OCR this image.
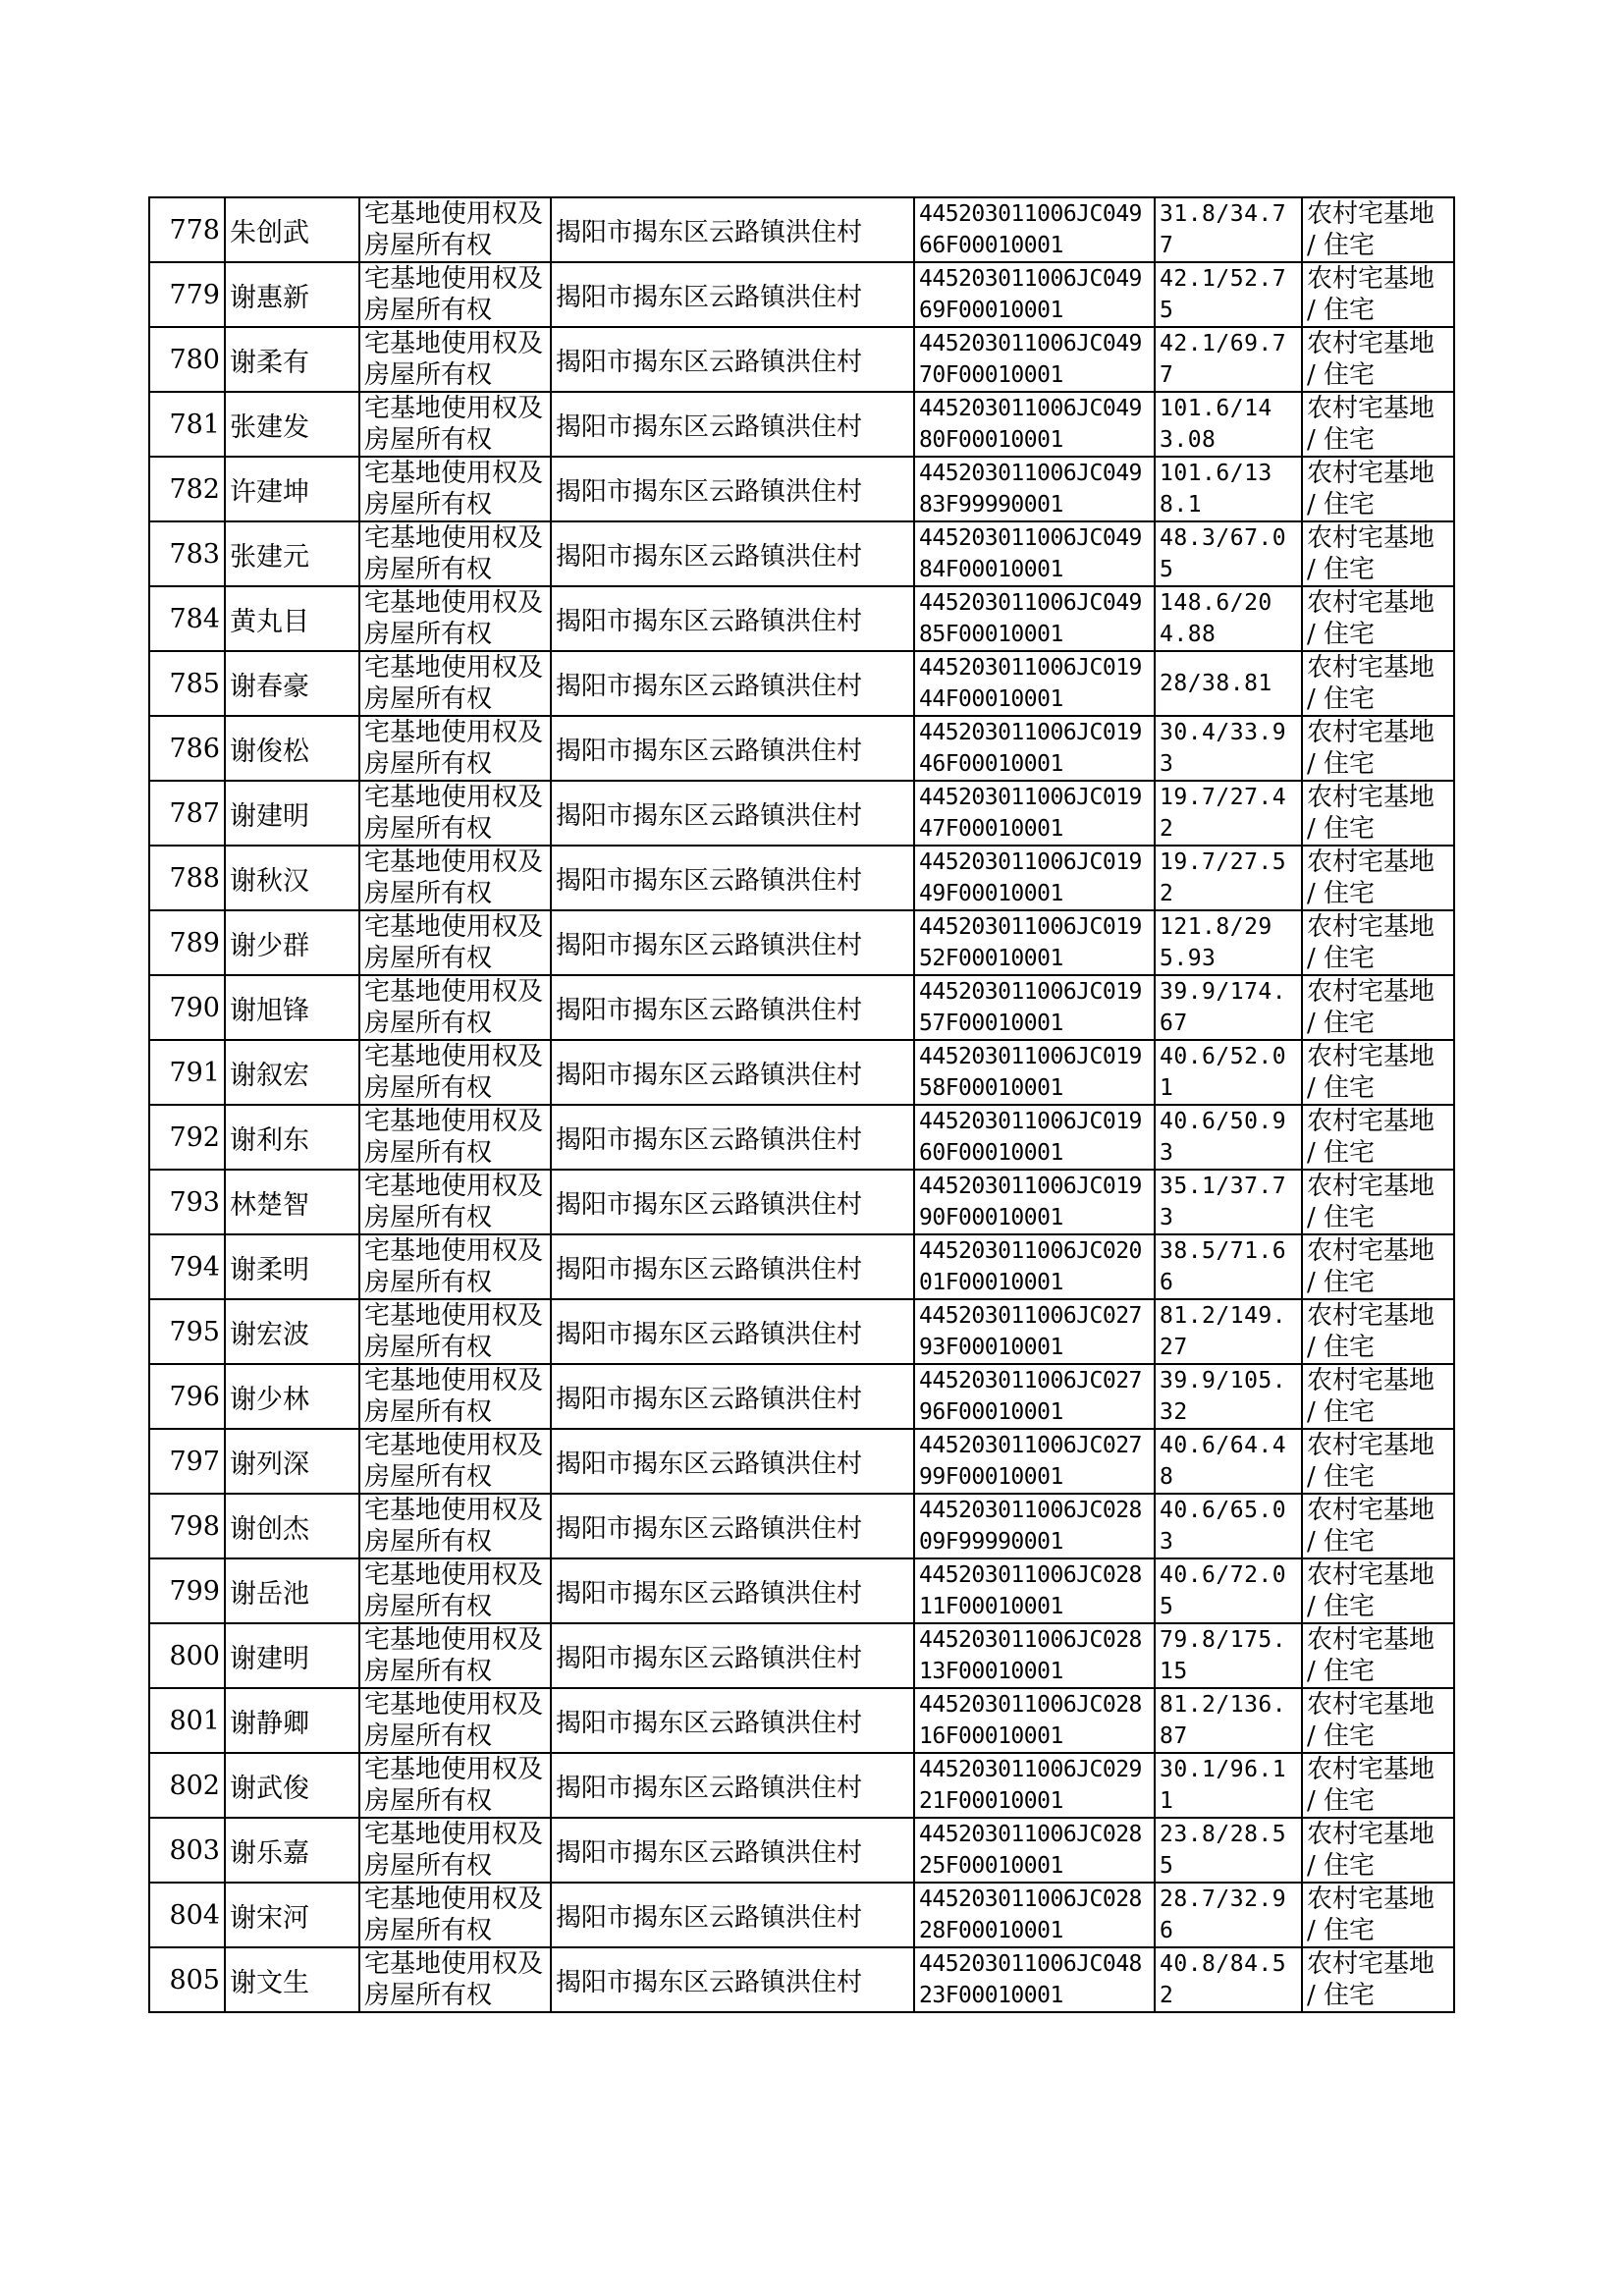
778	朱创武	宅基地使用权及房屋所有权	揭阳市揭东区云路镇洪住村	445203011006JC04966F00010001	31.8/34.77	农村宅基地 / 住宅
779	谢惠新	宅基地使用权及房屋所有权	揭阳市揭东区云路镇洪住村	445203011006JC04969F00010001	42.1/52.75	农村宅基地 / 住宅
780	谢柔有	宅基地使用权及房屋所有权	揭阳市揭东区云路镇洪住村	445203011006JC04970F00010001	42.1/69.77	农村宅基地 / 住宅
781	张建发	宅基地使用权及房屋所有权	揭阳市揭东区云路镇洪住村	445203011006JC04980F00010001	101.6/143.08	农村宅基地 / 住宅
782	许建坤	宅基地使用权及房屋所有权	揭阳市揭东区云路镇洪住村	445203011006JC04983F99990001	101.6/138.1	农村宅基地 / 住宅
783	张建元	宅基地使用权及房屋所有权	揭阳市揭东区云路镇洪住村	445203011006JC04984F00010001	48.3/67.05	农村宅基地 / 住宅
784	黄丸目	宅基地使用权及房屋所有权	揭阳市揭东区云路镇洪住村	445203011006JC04985F00010001	148.6/204.88	农村宅基地 / 住宅
785	谢春豪	宅基地使用权及房屋所有权	揭阳市揭东区云路镇洪住村	445203011006JC01944F00010001	28/38.81	农村宅基地 / 住宅
786	谢俊松	宅基地使用权及房屋所有权	揭阳市揭东区云路镇洪住村	445203011006JC01946F00010001	30.4/33.93	农村宅基地 / 住宅
787	谢建明	宅基地使用权及房屋所有权	揭阳市揭东区云路镇洪住村	445203011006JC01947F00010001	19.7/27.42	农村宅基地 / 住宅
788	谢秋汉	宅基地使用权及房屋所有权	揭阳市揭东区云路镇洪住村	445203011006JC01949F00010001	19.7/27.52	农村宅基地 / 住宅
789	谢少群	宅基地使用权及房屋所有权	揭阳市揭东区云路镇洪住村	445203011006JC01952F00010001	121.8/295.93	农村宅基地 / 住宅
790	谢旭锋	宅基地使用权及房屋所有权	揭阳市揭东区云路镇洪住村	445203011006JC01957F00010001	39.9/174.67	农村宅基地 / 住宅
791	谢叙宏	宅基地使用权及房屋所有权	揭阳市揭东区云路镇洪住村	445203011006JC01958F00010001	40.6/52.01	农村宅基地 / 住宅
792	谢利东	宅基地使用权及房屋所有权	揭阳市揭东区云路镇洪住村	445203011006JC01960F00010001	40.6/50.93	农村宅基地 / 住宅
793	林楚智	宅基地使用权及房屋所有权	揭阳市揭东区云路镇洪住村	445203011006JC01990F00010001	35.1/37.73	农村宅基地 / 住宅
794	谢柔明	宅基地使用权及房屋所有权	揭阳市揭东区云路镇洪住村	445203011006JC02001F00010001	38.5/71.66	农村宅基地 / 住宅
795	谢宏波	宅基地使用权及房屋所有权	揭阳市揭东区云路镇洪住村	445203011006JC02793F00010001	81.2/149.27	农村宅基地 / 住宅
796	谢少林	宅基地使用权及房屋所有权	揭阳市揭东区云路镇洪住村	445203011006JC02796F00010001	39.9/105.32	农村宅基地 / 住宅
797	谢列深	宅基地使用权及房屋所有权	揭阳市揭东区云路镇洪住村	445203011006JC02799F00010001	40.6/64.48	农村宅基地 / 住宅
798	谢创杰	宅基地使用权及房屋所有权	揭阳市揭东区云路镇洪住村	445203011006JC02809F99990001	40.6/65.03	农村宅基地 / 住宅
799	谢岳池	宅基地使用权及房屋所有权	揭阳市揭东区云路镇洪住村	445203011006JC02811F00010001	40.6/72.05	农村宅基地 / 住宅
800	谢建明	宅基地使用权及房屋所有权	揭阳市揭东区云路镇洪住村	445203011006JC02813F00010001	79.8/175.15	农村宅基地 / 住宅
801	谢静卿	宅基地使用权及房屋所有权	揭阳市揭东区云路镇洪住村	445203011006JC02816F00010001	81.2/136.87	农村宅基地 / 住宅
802	谢武俊	宅基地使用权及房屋所有权	揭阳市揭东区云路镇洪住村	445203011006JC02921F00010001	30.1/96.11	农村宅基地 / 住宅
803	谢乐嘉	宅基地使用权及房屋所有权	揭阳市揭东区云路镇洪住村	445203011006JC02825F00010001	23.8/28.55	农村宅基地 / 住宅
804	谢宋河	宅基地使用权及房屋所有权	揭阳市揭东区云路镇洪住村	445203011006JC02828F00010001	28.7/32.96	农村宅基地 / 住宅
805	谢文生	宅基地使用权及房屋所有权	揭阳市揭东区云路镇洪住村	445203011006JC04823F00010001	40.8/84.52	农村宅基地 / 住宅
